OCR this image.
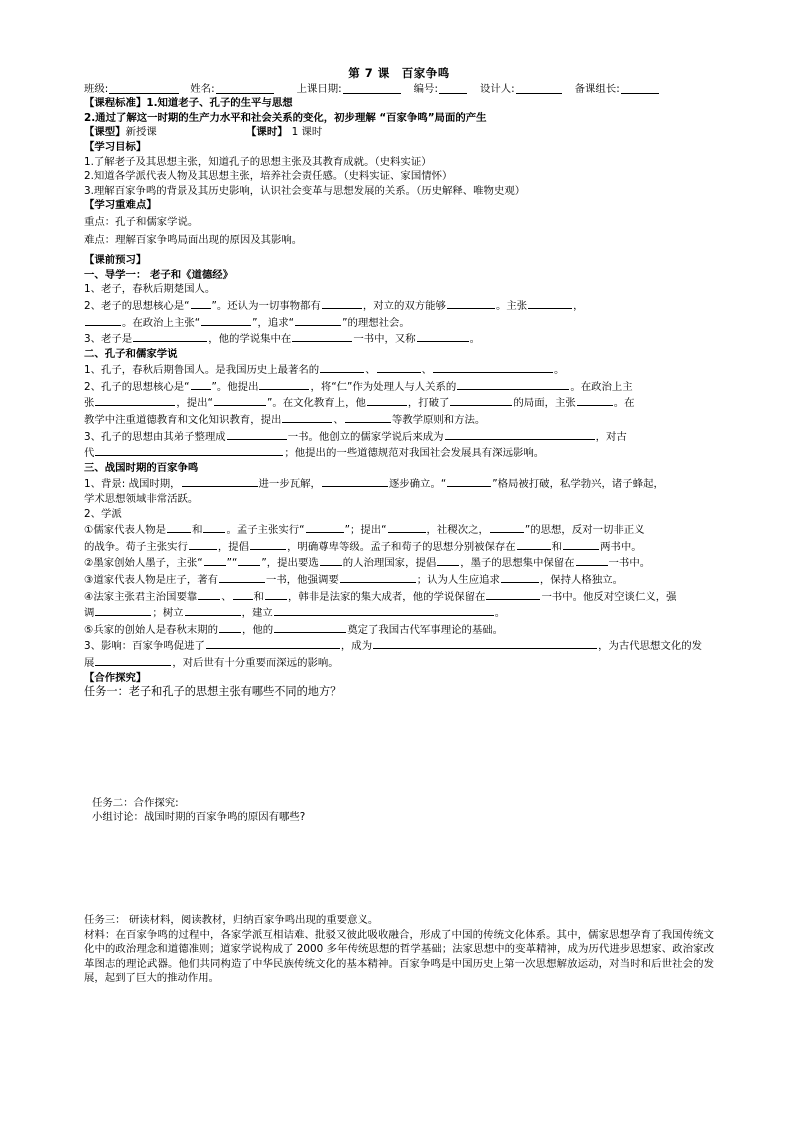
第 7 课　百家争鸣
班级:	姓名:	上课日期:	编号:	设计人:	备课组长:
【课程标准】1.知道老子、孔子的生平与思想
2.通过了解这一时期的生产力水平和社会关系的变化，初步理解 “百家争鸣”局面的产生
【课型】新授课	【课时】 1 课时
【学习目标】
1.了解老子及其思想主张，知道孔子的思想主张及其教育成就。（史料实证）
2.知道各学派代表人物及其思想主张，培养社会责任感。（史料实证、家国情怀）
3.理解百家争鸣的背景及其历史影响，认识社会变革与思想发展的关系。（历史解释、唯物史观）
【学习重难点】
重点：孔子和儒家学说。
难点：理解百家争鸣局面出现的原因及其影响。
【课前预习】
一、导学一： 老子和《道德经》
1、老子，春秋后期楚国人。
2、老子的思想核心是“ ”。还认为一切事物都有	，对立的双方能够	。主张	，
。在政治上主张“	”，追求“	”的理想社会。
3、老子是	，他的学说集中在	一书中，又称	。
二、孔子和儒家学说
1、孔子，春秋后期鲁国人。是我国历史上最著名的	、	、	。
2、孔子的思想核心是“ ”。他提出	，将“仁”作为处理人与人关系的	。在政治上主
张	，提出“	”。在文化教育上，他	，打破了	的局面，主张	。在
教学中注重道德教育和文化知识教育，提出	、	等教学原则和方法。
3、孔子的思想由其弟子整理成	一书。他创立的儒家学说后来成为	，对古
代	；他提出的一些道德规范对我国社会发展具有深远影响。
三、战国时期的百家争鸣
1、背景: 战国时期，	进一步瓦解，	逐步确立。“	”格局被打破，私学勃兴，诸子蜂起，
学术思想领域非常活跃。
2、学派
①儒家代表人物是	和 。孟子主张实行“	”；提出“	，社稷次之，	”的思想，反对一切非正义
的战争。荀子主张实行	，提倡	，明确尊卑等级。孟子和荀子的思想分别被保存在	和	两书中。
②墨家创始人墨子，主张“ ”“ ”，提出要选 的人治理国家，提倡 ，墨子的思想集中保留在	一书中。
③道家代表人物是庄子，著有	一书，他强调要	；认为人生应追求	，保持人格独立。
④法家主张君主治国要靠 、 和 ，韩非是法家的集大成者，他的学说保留在	一书中。他反对空谈仁义，强
调	；树立	，建立	。
⑤兵家的创始人是春秋末期的 ，他的	奠定了我国古代军事理论的基础。
3、影响：百家争鸣促进了	，成为	，为古代思想文化的发
展	，对后世有十分重要而深远的影响。
【合作探究】
任务一：老子和孔子的思想主张有哪些不同的地方？
任务二：合作探究:
小组讨论：战国时期的百家争鸣的原因有哪些?
任务三： 研读材料，阅读教材，归纳百家争鸣出现的重要意义。
材料：在百家争鸣的过程中，各家学派互相诘难、批驳又彼此吸收融合，形成了中国的传统文化体系。其中，儒家思想孕育了我国传统文化中的政治理念和道德准则；道家学说构成了 2000 多年传统思想的哲学基础；法家思想中的变革精神，成为历代进步思想家、政治家改革图志的理论武器。他们共同构造了中华民族传统文化的基本精神。百家争鸣是中国历史上第一次思想解放运动，对当时和后世社会的发展，起到了巨大的推动作用。
